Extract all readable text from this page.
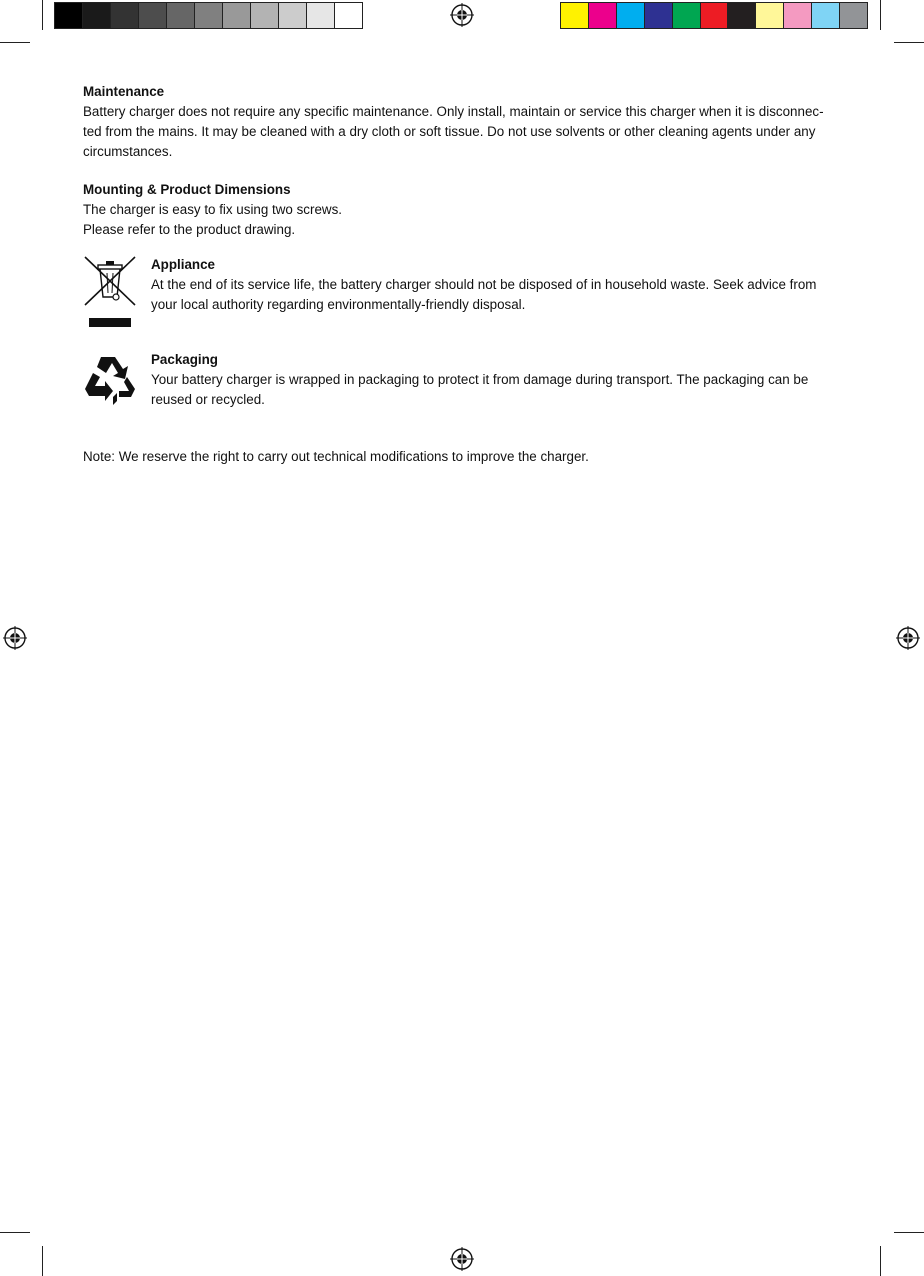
Maintenance
Battery charger does not require any specific maintenance. Only install, maintain or service this charger when it is disconnec-
ted from the mains. It may be cleaned with a dry cloth or soft tissue. Do not use solvents or other cleaning agents under any
circumstances.
Mounting & Product Dimensions
The charger is easy to fix using two screws.
Please refer to the product drawing.
Appliance
At the end of its service life, the battery charger should not be disposed of in household waste. Seek advice from
your local authority regarding environmentally-friendly disposal.
Packaging
Your battery charger is wrapped in packaging to protect it from damage during transport. The packaging can be
reused or recycled.
Note: We reserve the right to carry out technical modifications to improve the charger.
